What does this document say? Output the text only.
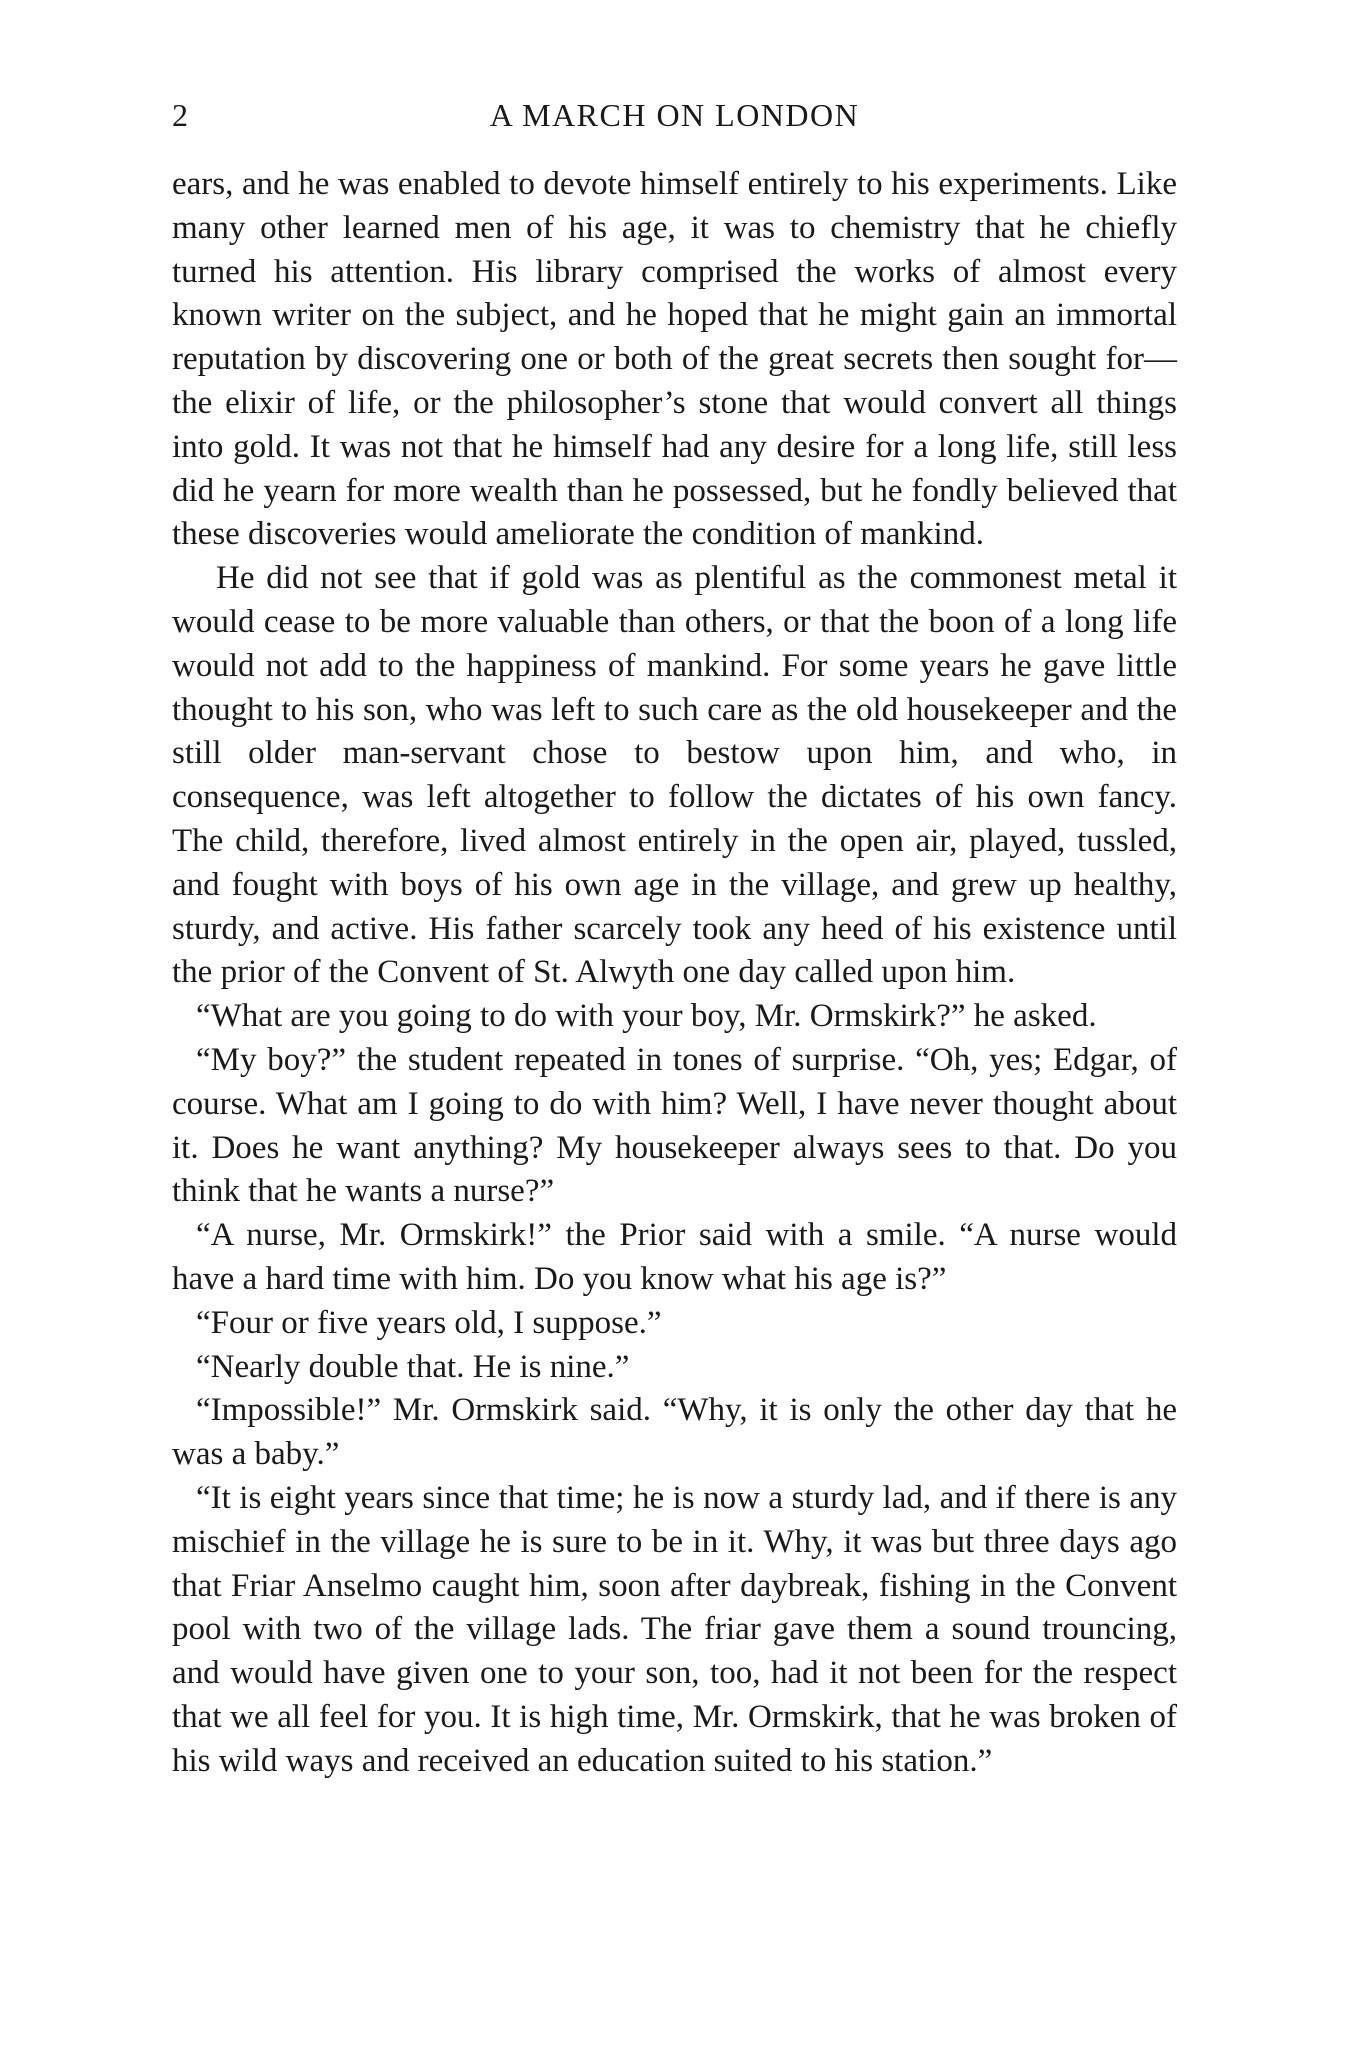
2	A MARCH ON LONDON

ears, and he was enabled to devote himself entirely to his experiments. Like many other learned men of his age, it was to chemistry that he chiefly turned his attention. His library comprised the works of almost every known writer on the subject, and he hoped that he might gain an immortal reputation by discovering one or both of the great secrets then sought for—the elixir of life, or the philosopher’s stone that would convert all things into gold. It was not that he himself had any desire for a long life, still less did he yearn for more wealth than he possessed, but he fondly believed that these discoveries would ameliorate the condition of mankind.

He did not see that if gold was as plentiful as the commonest metal it would cease to be more valuable than others, or that the boon of a long life would not add to the happiness of mankind. For some years he gave little thought to his son, who was left to such care as the old housekeeper and the still older man-servant chose to bestow upon him, and who, in consequence, was left altogether to follow the dictates of his own fancy. The child, therefore, lived almost entirely in the open air, played, tussled, and fought with boys of his own age in the village, and grew up healthy, sturdy, and active. His father scarcely took any heed of his existence until the prior of the Convent of St. Alwyth one day called upon him.

“What are you going to do with your boy, Mr. Ormskirk?” he asked.

“My boy?” the student repeated in tones of surprise. “Oh, yes; Edgar, of course. What am I going to do with him? Well, I have never thought about it. Does he want anything? My housekeeper always sees to that. Do you think that he wants a nurse?”

“A nurse, Mr. Ormskirk!” the Prior said with a smile. “A nurse would have a hard time with him. Do you know what his age is?”

“Four or five years old, I suppose.”

“Nearly double that. He is nine.”

“Impossible!” Mr. Ormskirk said. “Why, it is only the other day that he was a baby.”

“It is eight years since that time; he is now a sturdy lad, and if there is any mischief in the village he is sure to be in it. Why, it was but three days ago that Friar Anselmo caught him, soon after daybreak, fishing in the Convent pool with two of the village lads. The friar gave them a sound trouncing, and would have given one to your son, too, had it not been for the respect that we all feel for you. It is high time, Mr. Ormskirk, that he was broken of his wild ways and received an education suited to his station.”
